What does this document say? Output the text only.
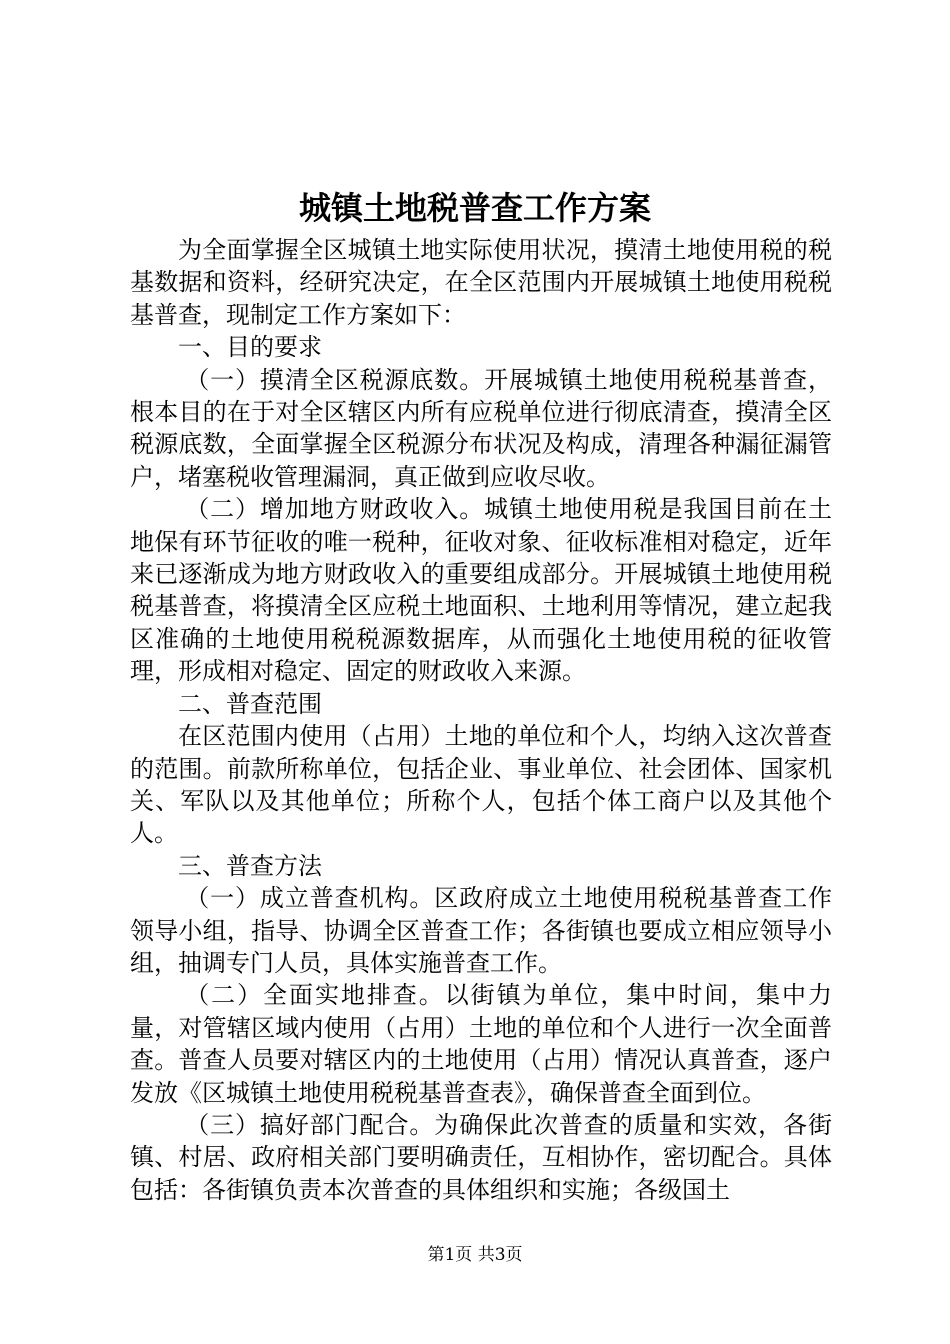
城镇土地税普查工作方案

为全面掌握全区城镇土地实际使用状况，摸清土地使用税的税基数据和资料，经研究决定，在全区范围内开展城镇土地使用税税基普查，现制定工作方案如下：

一、目的要求

（一）摸清全区税源底数。开展城镇土地使用税税基普查，根本目的在于对全区辖区内所有应税单位进行彻底清查，摸清全区税源底数，全面掌握全区税源分布状况及构成，清理各种漏征漏管户，堵塞税收管理漏洞，真正做到应收尽收。

（二）增加地方财政收入。城镇土地使用税是我国目前在土地保有环节征收的唯一税种，征收对象、征收标准相对稳定，近年来已逐渐成为地方财政收入的重要组成部分。开展城镇土地使用税税基普查，将摸清全区应税土地面积、土地利用等情况，建立起我区准确的土地使用税税源数据库，从而强化土地使用税的征收管理，形成相对稳定、固定的财政收入来源。

二、普查范围

在区范围内使用（占用）土地的单位和个人，均纳入这次普查的范围。前款所称单位，包括企业、事业单位、社会团体、国家机关、军队以及其他单位；所称个人，包括个体工商户以及其他个人。

三、普查方法

（一）成立普查机构。区政府成立土地使用税税基普查工作领导小组，指导、协调全区普查工作；各街镇也要成立相应领导小组，抽调专门人员，具体实施普查工作。

（二）全面实地排查。以街镇为单位，集中时间，集中力量，对管辖区域内使用（占用）土地的单位和个人进行一次全面普查。普查人员要对辖区内的土地使用（占用）情况认真普查，逐户发放《区城镇土地使用税税基普查表》，确保普查全面到位。

（三）搞好部门配合。为确保此次普查的质量和实效，各街镇、村居、政府相关部门要明确责任，互相协作，密切配合。具体包括：各街镇负责本次普查的具体组织和实施；各级国土

第1页 共3页
